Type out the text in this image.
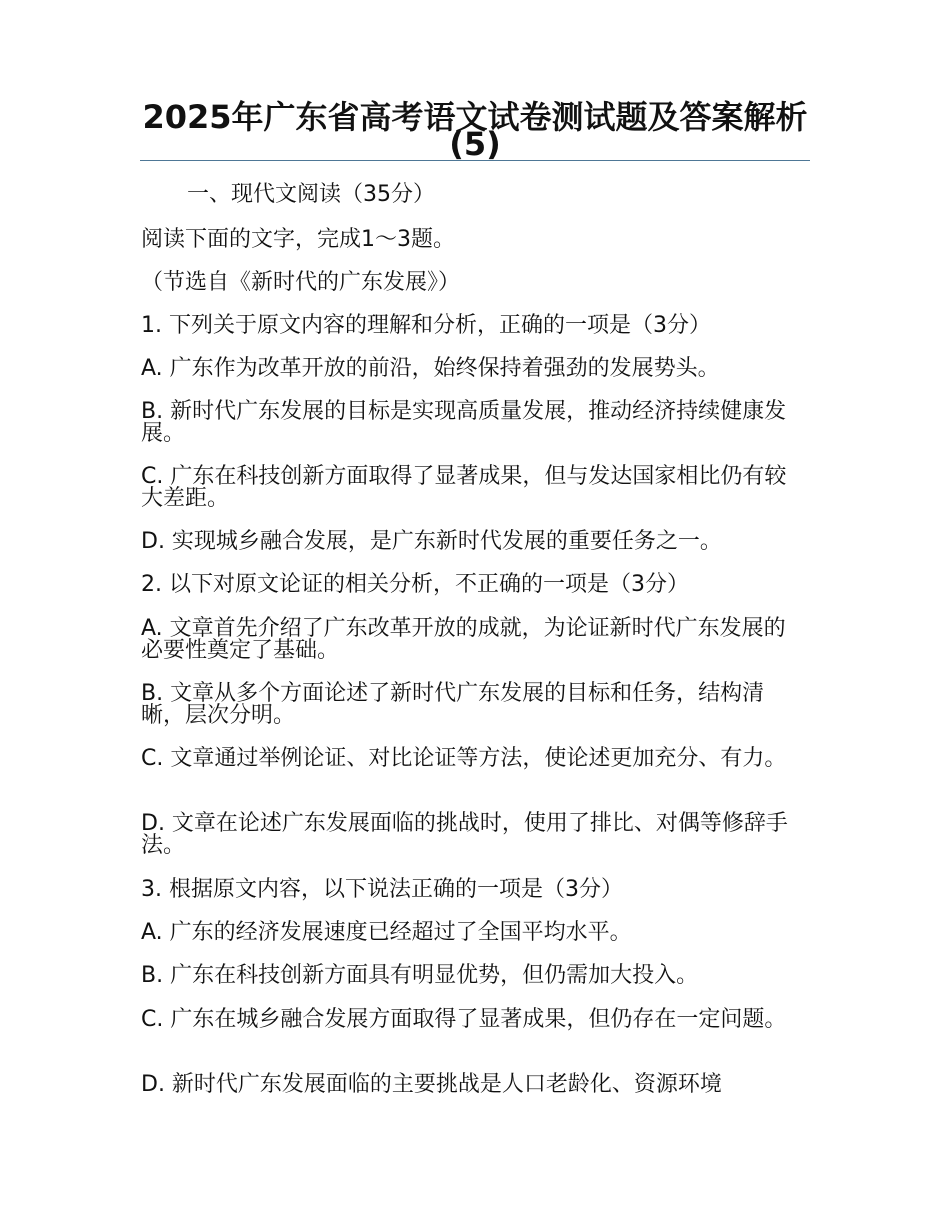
2025年广东省高考语文试卷测试题及答案解析(5)

一、现代文阅读（35分）

阅读下面的文字，完成1～3题。

（节选自《新时代的广东发展》）

1. 下列关于原文内容的理解和分析，正确的一项是（3分）

A. 广东作为改革开放的前沿，始终保持着强劲的发展势头。

B. 新时代广东发展的目标是实现高质量发展，推动经济持续健康发展。

C. 广东在科技创新方面取得了显著成果，但与发达国家相比仍有较大差距。

D. 实现城乡融合发展，是广东新时代发展的重要任务之一。

2. 以下对原文论证的相关分析，不正确的一项是（3分）

A. 文章首先介绍了广东改革开放的成就，为论证新时代广东发展的必要性奠定了基础。

B. 文章从多个方面论述了新时代广东发展的目标和任务，结构清晰，层次分明。

C. 文章通过举例论证、对比论证等方法，使论述更加充分、有力。

D. 文章在论述广东发展面临的挑战时，使用了排比、对偶等修辞手法。

3. 根据原文内容，以下说法正确的一项是（3分）

A. 广东的经济发展速度已经超过了全国平均水平。

B. 广东在科技创新方面具有明显优势，但仍需加大投入。

C. 广东在城乡融合发展方面取得了显著成果，但仍存在一定问题。

D. 新时代广东发展面临的主要挑战是人口老龄化、资源环境
